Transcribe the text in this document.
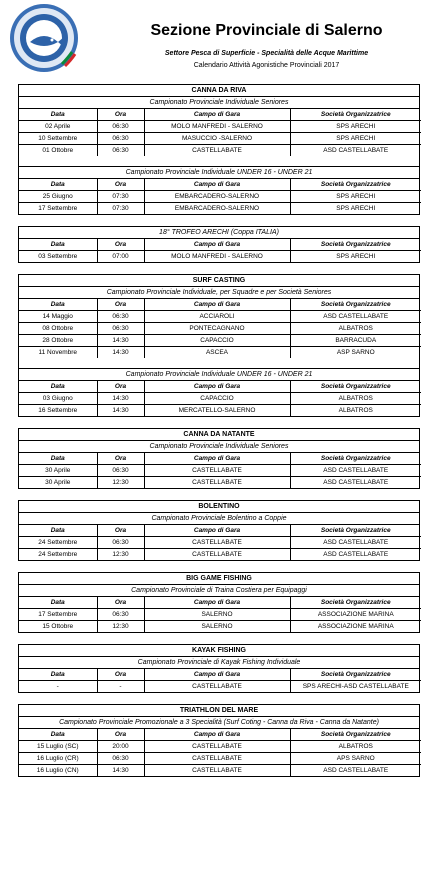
Sezione Provinciale di Salerno
Settore Pesca di Superficie - Specialità delle Acque Marittime
Calendario Attività Agonistiche Provinciali 2017
CANNA DA RIVA
Campionato Provinciale Individuale Seniores
Data	Ora	Campo di Gara	Società Organizzatrice
02 Aprile	06:30	MOLO MANFREDI - SALERNO	SPS ARECHI
10 Settembre	06:30	MASUCCIO -SALERNO	SPS ARECHI
01 Ottobre	06:30	CASTELLABATE	ASD CASTELLABATE
Campionato Provinciale Individuale UNDER 16 - UNDER 21
Data	Ora	Campo di Gara	Società Organizzatrice
25 Giugno	07:30	EMBARCADERO-SALERNO	SPS ARECHI
17 Settembre	07:30	EMBARCADERO-SALERNO	SPS ARECHI
18° TROFEO ARECHI (Coppa ITALIA)
Data	Ora	Campo di Gara	Società Organizzatrice
03 Settembre	07:00	MOLO MANFREDI - SALERNO	SPS ARECHI
SURF CASTING
Campionato Provinciale Individuale, per Squadre e per Società Seniores
Data	Ora	Campo di Gara	Società Organizzatrice
14 Maggio	06:30	ACCIAROLI	ASD CASTELLABATE
08 Ottobre	06:30	PONTECAGNANO	ALBATROS
28 Ottobre	14:30	CAPACCIO	BARRACUDA
11 Novembre	14:30	ASCEA	ASP SARNO
Campionato Provinciale Individuale UNDER 16 - UNDER 21
Data	Ora	Campo di Gara	Società Organizzatrice
03 Giugno	14:30	CAPACCIO	ALBATROS
16 Settembre	14:30	MERCATELLO-SALERNO	ALBATROS
CANNA DA NATANTE
Campionato Provinciale Individuale Seniores
Data	Ora	Campo di Gara	Società Organizzatrice
30 Aprile	06:30	CASTELLABATE	ASD CASTELLABATE
30 Aprile	12:30	CASTELLABATE	ASD CASTELLABATE
BOLENTINO
Campionato Provinciale Bolentino a Coppie
Data	Ora	Campo di Gara	Società Organizzatrice
24 Settembre	06:30	CASTELLABATE	ASD CASTELLABATE
24 Settembre	12:30	CASTELLABATE	ASD CASTELLABATE
BIG GAME FISHING
Campionato Provinciale di Traina Costiera per Equipaggi
Data	Ora	Campo di Gara	Società Organizzatrice
17 Settembre	06:30	SALERNO	ASSOCIAZIONE MARINA
15 Ottobre	12:30	SALERNO	ASSOCIAZIONE MARINA
KAYAK FISHING
Campionato Provinciale di Kayak Fishing Individuale
Data	Ora	Campo di Gara	Società Organizzatrice
-	-	CASTELLABATE	SPS ARECHI-ASD CASTELLABATE
TRIATHLON DEL MARE
Campionato Provinciale Promozionale a 3 Specialità (Surf Coting - Canna da Riva - Canna da Natante)
Data	Ora	Campo di Gara	Società Organizzatrice
15 Luglio (SC)	20:00	CASTELLABATE	ALBATROS
16 Luglio (CR)	06:30	CASTELLABATE	APS SARNO
16 Luglio (CN)	14:30	CASTELLABATE	ASD CASTELLABATE
